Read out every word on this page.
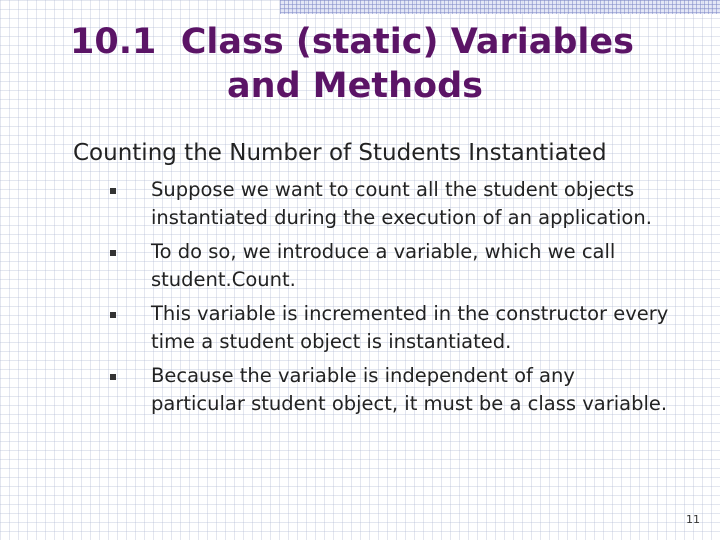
10.1  Class (static) Variables
and Methods

Counting the Number of Students Instantiated

Suppose we want to count all the student objects instantiated during the execution of an application.
To do so, we introduce a variable, which we call student.Count.
This variable is incremented in the constructor every time a student object is instantiated.
Because the variable is independent of any particular student object, it must be a class variable.
11
